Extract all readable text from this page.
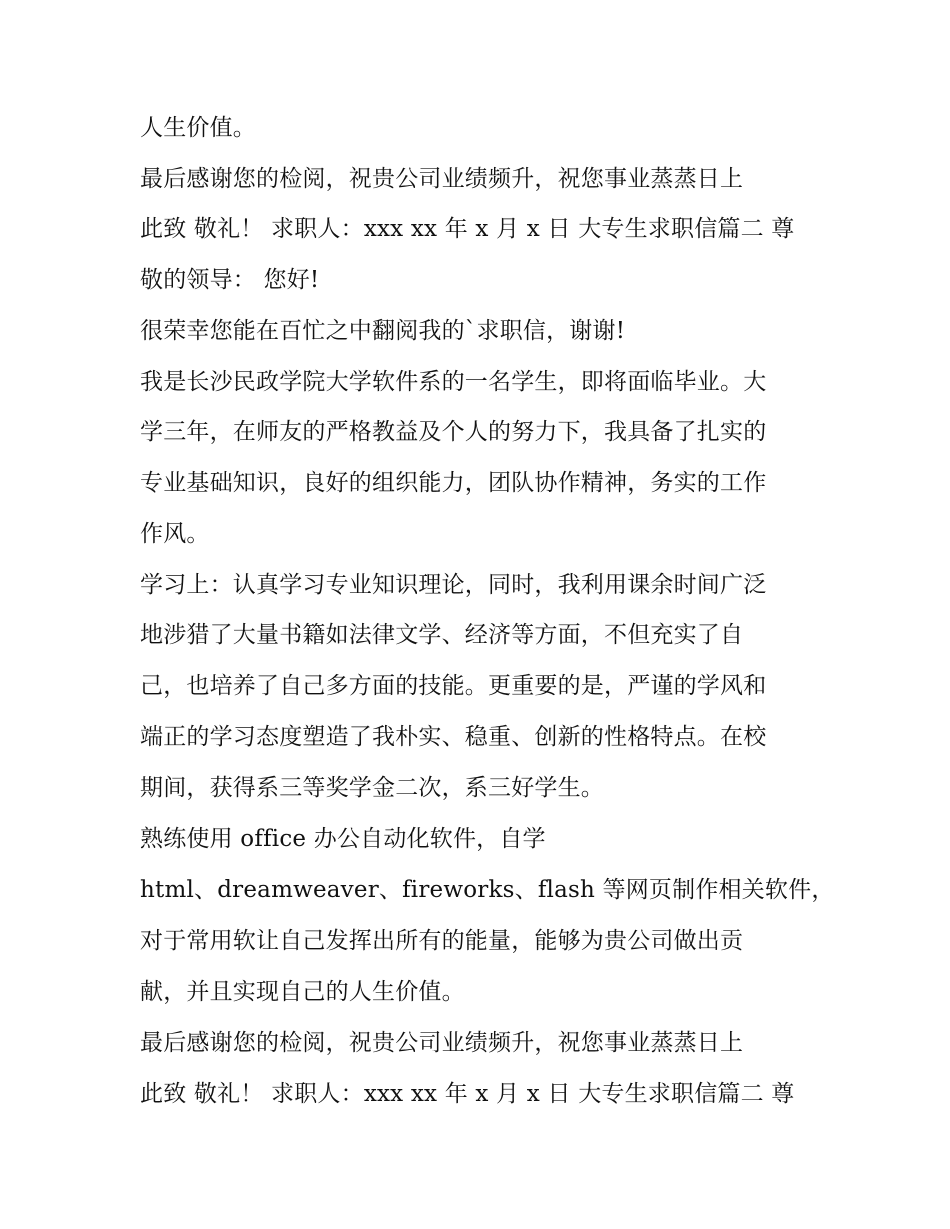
人生价值。
最后感谢您的检阅，祝贵公司业绩频升，祝您事业蒸蒸日上
此致 敬礼！ 求职人：xxx xx 年 x 月 x 日 大专生求职信篇二 尊
敬的领导： 您好!
很荣幸您能在百忙之中翻阅我的`求职信，谢谢!
我是长沙民政学院大学软件系的一名学生，即将面临毕业。大
学三年，在师友的严格教益及个人的努力下，我具备了扎实的
专业基础知识，良好的组织能力，团队协作精神，务实的工作
作风。
学习上：认真学习专业知识理论，同时，我利用课余时间广泛
地涉猎了大量书籍如法律文学、经济等方面，不但充实了自
己，也培养了自己多方面的技能。更重要的是，严谨的学风和
端正的学习态度塑造了我朴实、稳重、创新的性格特点。在校
期间，获得系三等奖学金二次，系三好学生。
熟练使用 office 办公自动化软件，自学
html、dreamweaver、fireworks、flash 等网页制作相关软件，
对于常用软让自己发挥出所有的能量，能够为贵公司做出贡
献，并且实现自己的人生价值。
最后感谢您的检阅，祝贵公司业绩频升，祝您事业蒸蒸日上
此致 敬礼！ 求职人：xxx xx 年 x 月 x 日 大专生求职信篇二 尊
